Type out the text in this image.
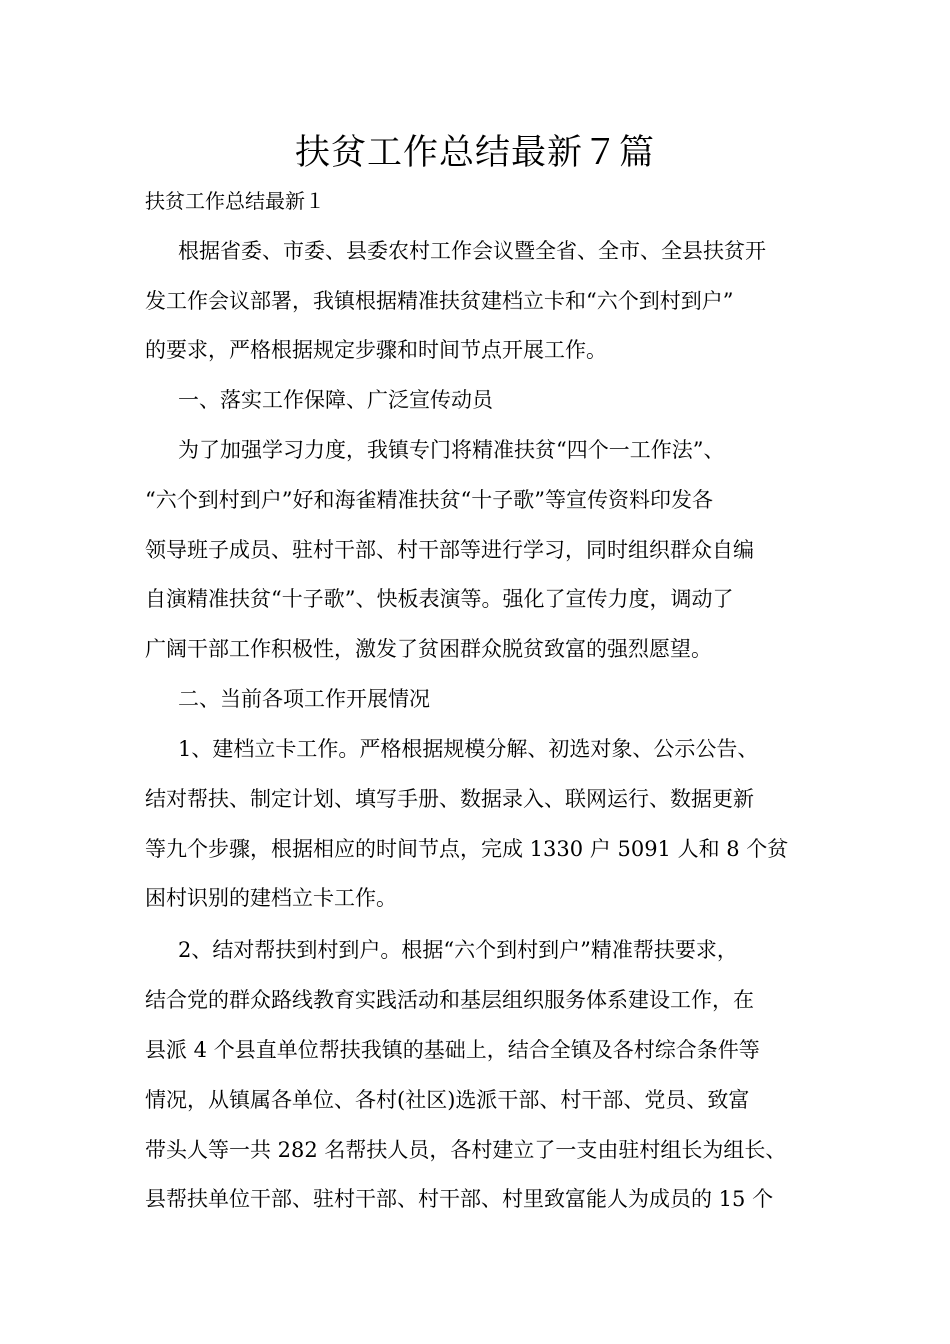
扶贫工作总结最新７篇
扶贫工作总结最新１
根据省委、市委、县委农村工作会议暨全省、全市、全县扶贫开
发工作会议部署，我镇根据精准扶贫建档立卡和“六个到村到户”
的要求，严格根据规定步骤和时间节点开展工作。
一、落实工作保障、广泛宣传动员
为了加强学习力度，我镇专门将精准扶贫“四个一工作法”、
“六个到村到户”好和海雀精准扶贫“十子歌”等宣传资料印发各
领导班子成员、驻村干部、村干部等进行学习，同时组织群众自编
自演精准扶贫“十子歌”、快板表演等。强化了宣传力度，调动了
广阔干部工作积极性，激发了贫困群众脱贫致富的强烈愿望。
二、当前各项工作开展情况
1、建档立卡工作。严格根据规模分解、初选对象、公示公告、
结对帮扶、制定计划、填写手册、数据录入、联网运行、数据更新
等九个步骤，根据相应的时间节点，完成 1330 户 5091 人和 8 个贫
困村识别的建档立卡工作。
2、结对帮扶到村到户。根据“六个到村到户”精准帮扶要求，
结合党的群众路线教育实践活动和基层组织服务体系建设工作，在
县派 4 个县直单位帮扶我镇的基础上，结合全镇及各村综合条件等
情况，从镇属各单位、各村(社区)选派干部、村干部、党员、致富
带头人等一共 282 名帮扶人员，各村建立了一支由驻村组长为组长、
县帮扶单位干部、驻村干部、村干部、村里致富能人为成员的 15 个
